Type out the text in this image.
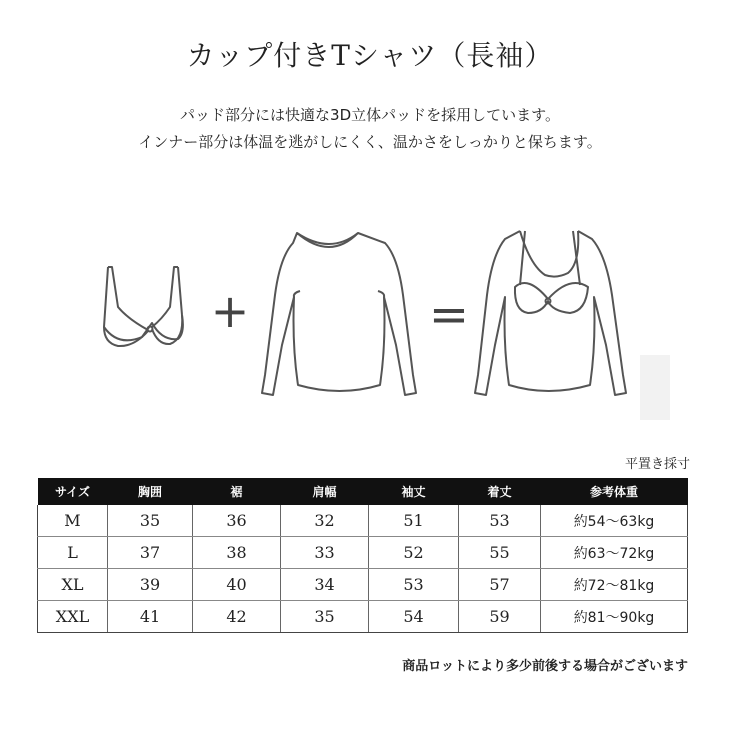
カップ付きTシャツ（長袖）
パッド部分には快適な3D立体パッドを採用しています。
インナー部分は体温を逃がしにくく、温かさをしっかりと保ちます。
+	=
平置き採寸
サイズ	胸囲	裾	肩幅	袖丈	着丈	参考体重
M	35	36	32	51	53	約54～63kg
L	37	38	33	52	55	約63～72kg
XL	39	40	34	53	57	約72～81kg
XXL	41	42	35	54	59	約81～90kg
商品ロットにより多少前後する場合がございます
